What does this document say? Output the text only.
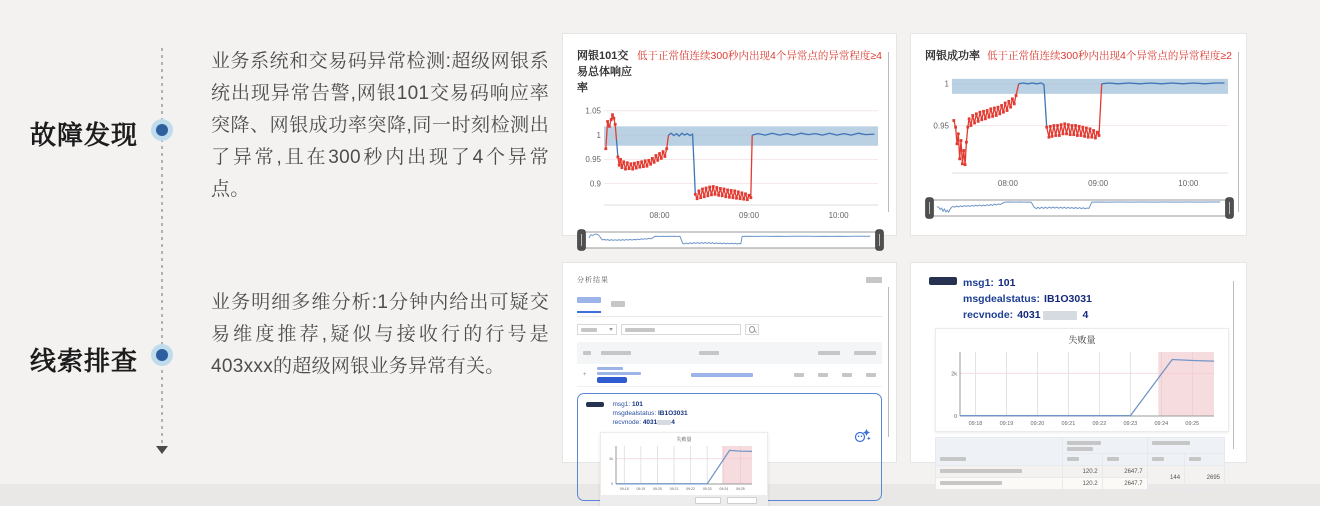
故障发现
线索排查
业务系统和交易码异常检测:超级网银系统出现异常告警,网银101交易码响应率突降、网银成功率突降,同一时刻检测出了异常,且在300秒内出现了4个异常点。
业务明细多维分析:1分钟内给出可疑交易维度推荐,疑似与接收行的行号是403xxx的超级网银业务异常有关。
网银101交易总体响应率
低于正常值连续300秒内出现4个异常点的异常程度≥4
1.05
1
0.95
0.9
08:00	09:00	10:00
网银成功率 低于正常值连续300秒内出现4个异常点的异常程度≥2
1
0.95
08:00	09:00	10:00
分析结果
+

msg1: 101
msgdealstatus: IB1O3031
recvnode: 4031 4
失败量
2k
0
09:18 09:19 09:20 09:21 09:22 09:23 09:24 09:25
msg1: 101
msgdealstatus: IB1O3031
recvnode: 4031	4
失败量
2k
0
09:18	09:19	09:20	09:21	09:22	09:23	09:24	09:25

	120.2	2647.7	144	2695
	120.2	2647.7		
